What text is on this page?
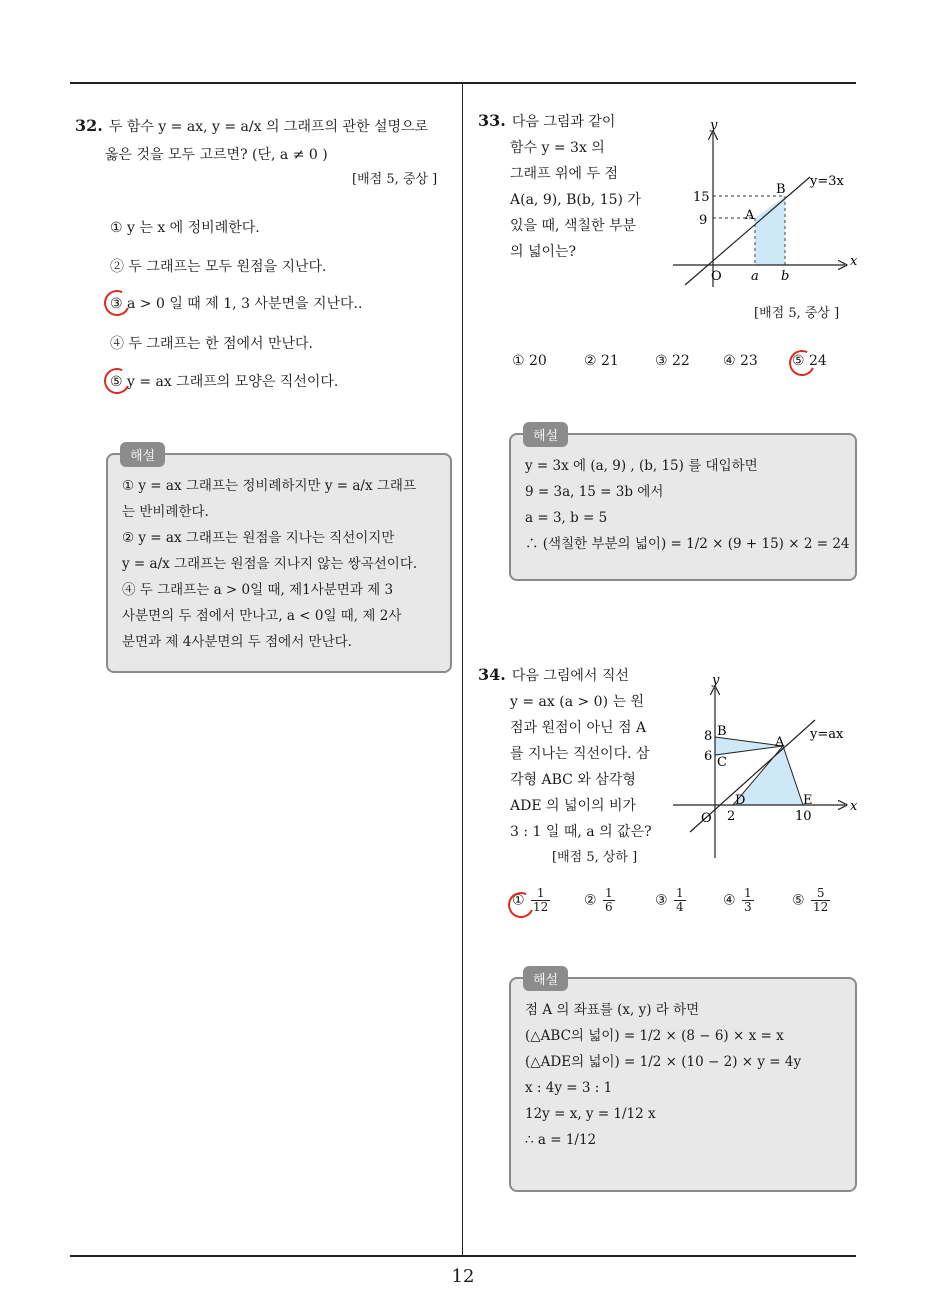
32. 두 함수 y = ax, y = a/x 의 그래프의 관한 설명으로
옳은 것을 모두 고르면? (단, a ≠ 0 )
[배점 5, 중상 ]
① y 는 x 에 정비례한다.
② 두 그래프는 모두 원점을 지난다.
③ a > 0 일 때 제 1, 3 사분면을 지난다..
④ 두 그래프는 한 점에서 만난다.
⑤ y = ax 그래프의 모양은 직선이다.
① y = ax 그래프는 정비례하지만 y = a/x 그래프
는 반비례한다.
② y = ax 그래프는 원점을 지나는 직선이지만
y = a/x 그래프는 원점을 지나지 않는 쌍곡선이다.
④ 두 그래프는 a > 0일 때, 제1사분면과 제 3
사분면의 두 점에서 만나고, a < 0일 때, 제 2사
분면과 제 4사분면의 두 점에서 만난다.
해설
33. 다음 그림과 같이
함수 y = 3x 의
그래프 위에 두 점
A(a, 9), B(b, 15) 가
있을 때, 색칠한 부분
의 넓이는?
y
x
O a b
15
9	A
B
y=3x
[배점 5, 중상 ]
① 20	② 21	③ 22 ④ 23 ⑤ 24
y = 3x 에 (a, 9) , (b, 15) 를 대입하면
9 = 3a, 15 = 3b 에서
a = 3, b = 5
∴ (색칠한 부분의 넓이) = 1/2 × (9 + 15) × 2 = 24
해설
34. 다음 그림에서 직선
y = ax (a > 0) 는 원
점과 원점이 아닌 점 A
를 지나는 직선이다. 삼
각형 ABC 와 삼각형
ADE 의 넓이의 비가
3 : 1 일 때, a 의 값은?
[배점 5, 상하 ]
y
x
O
8
6
2	10
B
C
A
D	E
y=ax
① $\frac{1}{12}$ ② $\frac{1}{6}$	③ $\frac{1}{4}$	④ $\frac{1}{3}$	⑤ $\frac{5}{12}$
점 A 의 좌표를 (x, y) 라 하면
(△ABC의 넓이) = 1/2 × (8 − 6) × x = x
(△ADE의 넓이) = 1/2 × (10 − 2) × y = 4y
x : 4y = 3 : 1
12y = x, y = 1/12 x
∴ a = 1/12
해설
12
